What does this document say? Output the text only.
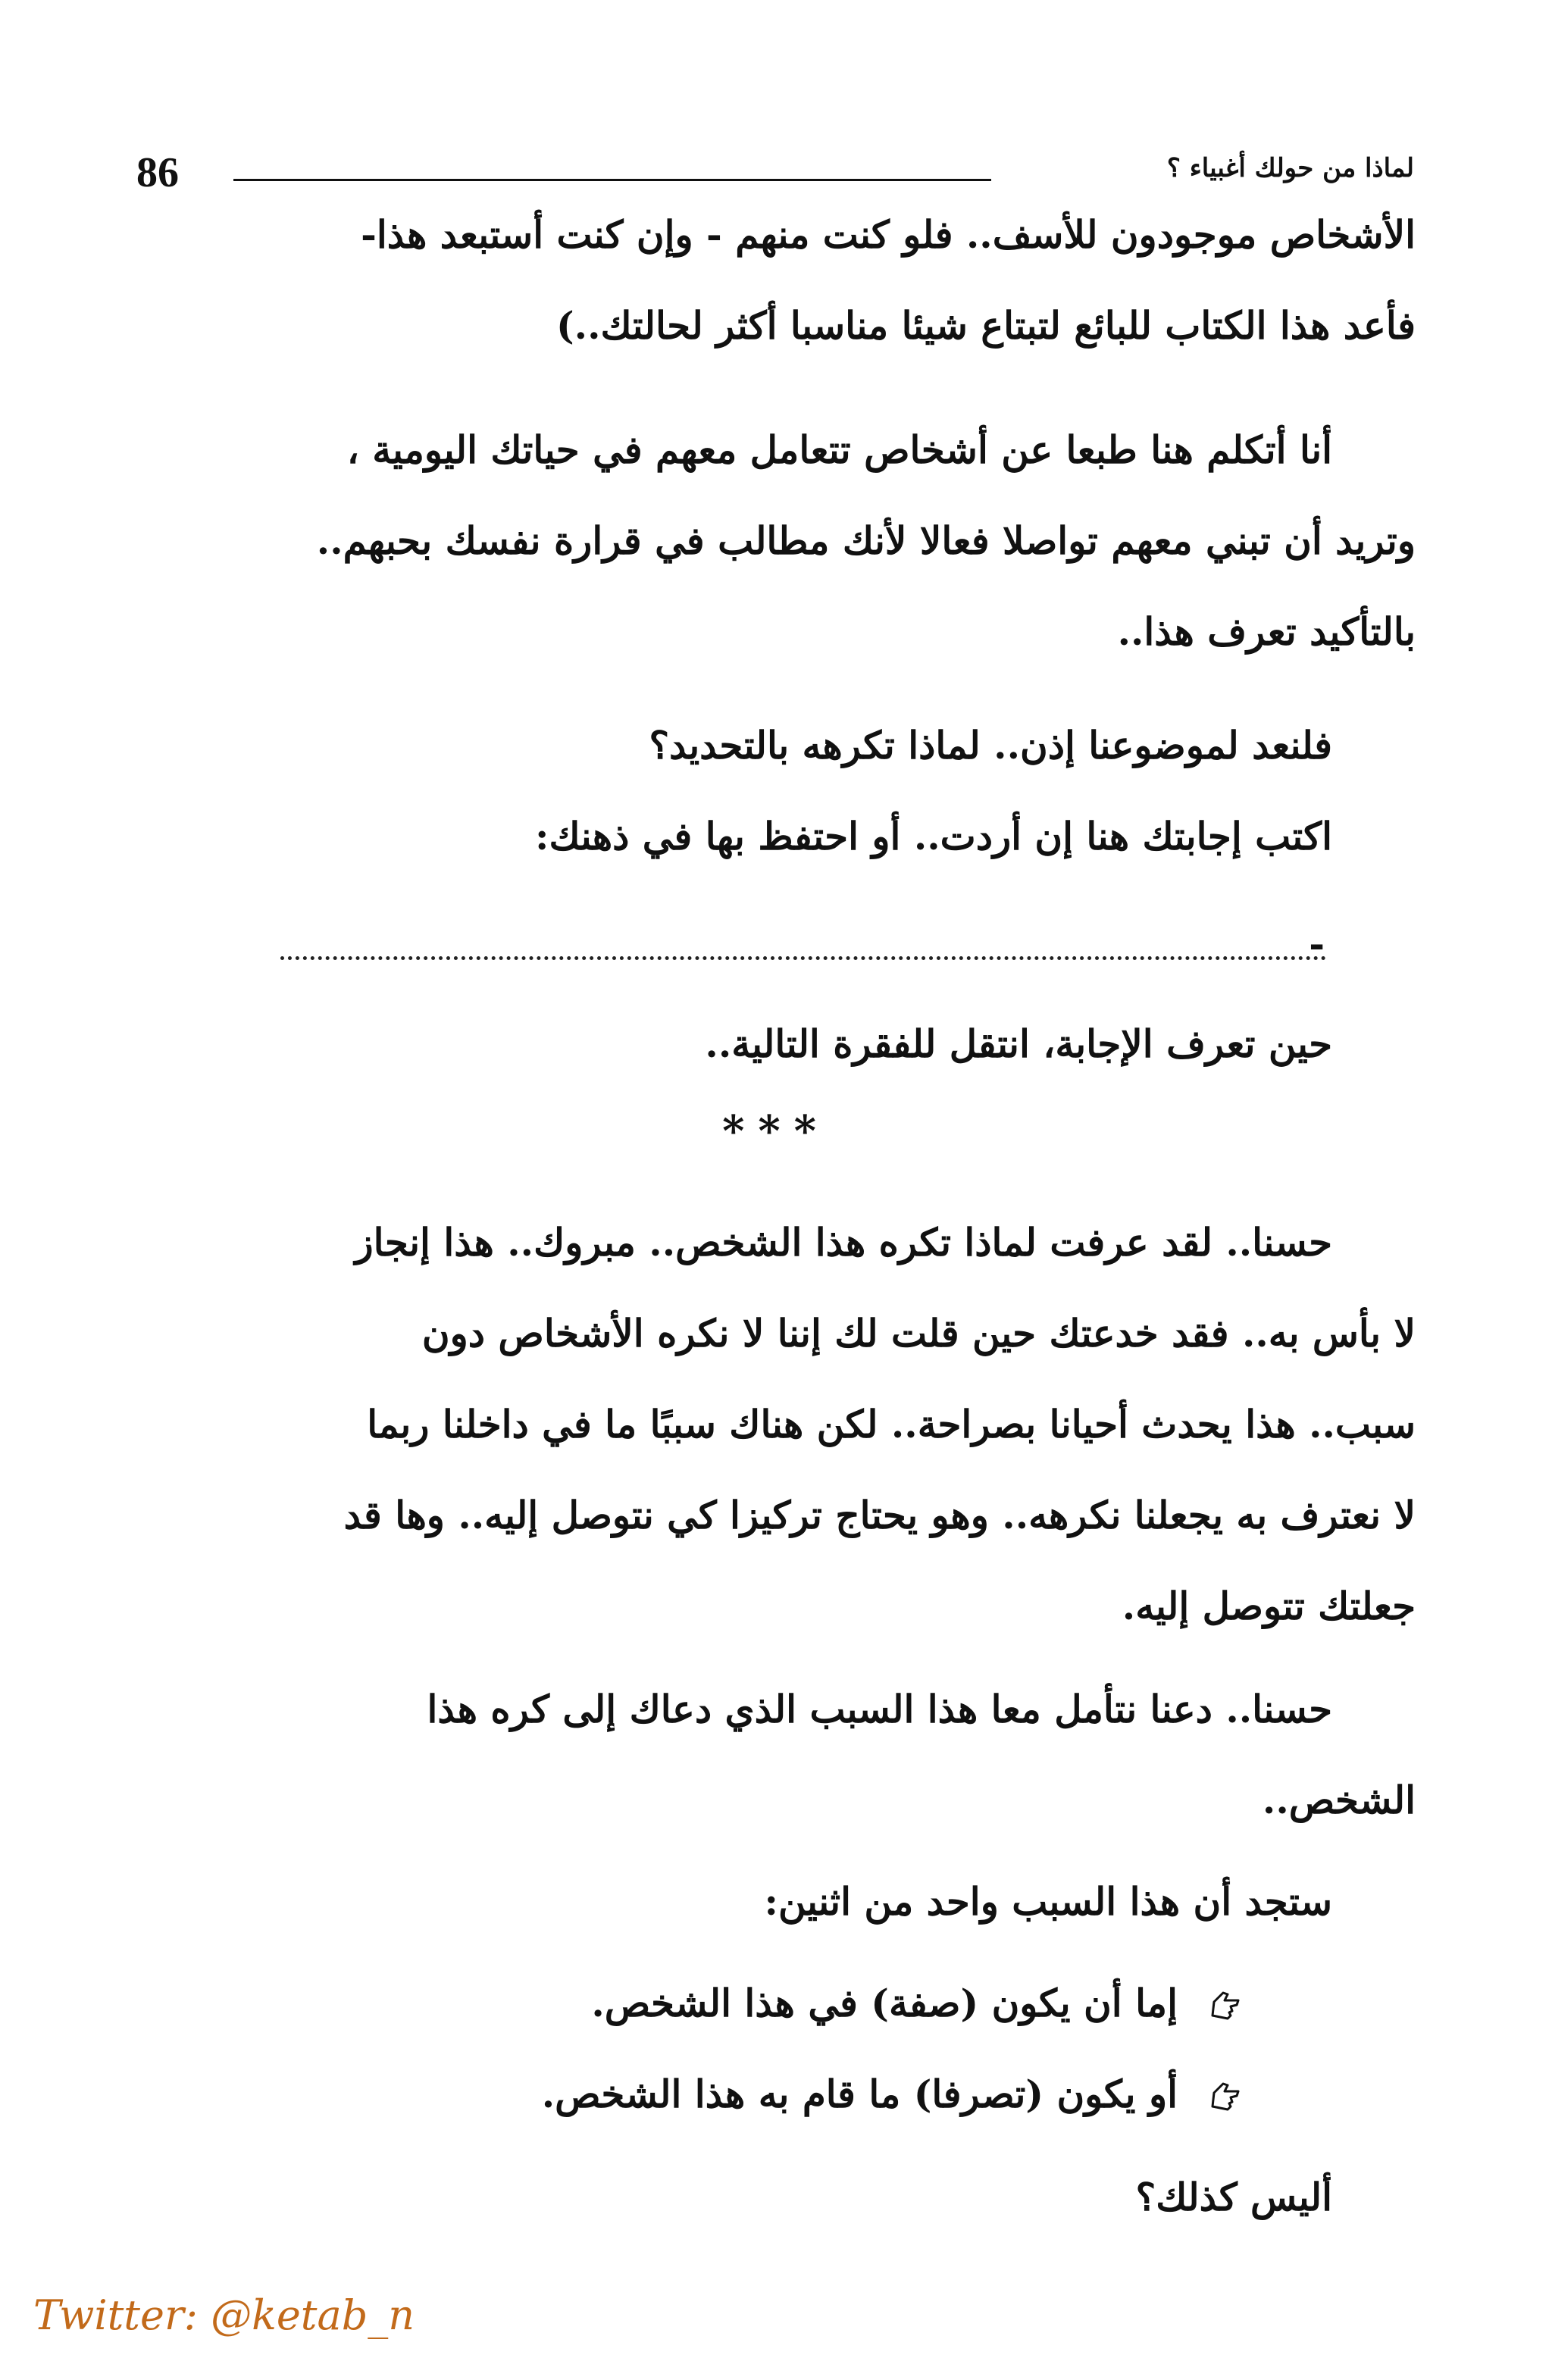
86	لماذا من حولك أغبياء ؟
الأشخاص موجودون للأسف.. فلو كنت منهم - وإن كنت أستبعد هذا-
فأعد هذا الكتاب للبائع لتبتاع شيئا مناسبا أكثر لحالتك..)
أنا أتكلم هنا طبعا عن أشخاص تتعامل معهم في حياتك اليومية ،
وتريد أن تبني معهم تواصلا فعالا لأنك مطالب في قرارة نفسك بحبهم..
بالتأكيد تعرف هذا..
فلنعد لموضوعنا إذن.. لماذا تكرهه بالتحديد؟
اكتب إجابتك هنا إن أردت.. أو احتفظ بها في ذهنك:
-
حين تعرف الإجابة، انتقل للفقرة التالية..
***
حسنا.. لقد عرفت لماذا تكره هذا الشخص.. مبروك.. هذا إنجاز
لا بأس به.. فقد خدعتك حين قلت لك إننا لا نكره الأشخاص دون
سبب.. هذا يحدث أحيانا بصراحة.. لكن هناك سببًا ما في داخلنا ربما
لا نعترف به يجعلنا نكرهه.. وهو يحتاج تركيزا كي نتوصل إليه.. وها قد
جعلتك تتوصل إليه.
حسنا.. دعنا نتأمل معا هذا السبب الذي دعاك إلى كره هذا
الشخص..
ستجد أن هذا السبب واحد من اثنين:
إما أن يكون (صفة) في هذا الشخص.
أو يكون (تصرفا) ما قام به هذا الشخص.
أليس كذلك؟
Twitter: @ketab_n
